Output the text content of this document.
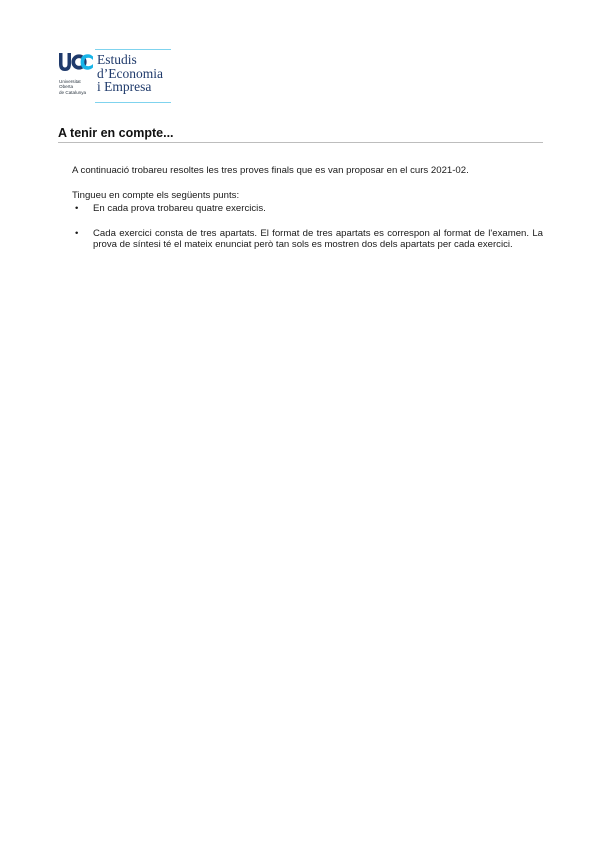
Universitat
Oberta
de Catalunya
Estudis
d’Economia
i Empresa
A tenir en compte...

A continuació trobareu resoltes les tres proves finals que es van proposar en el curs 2021-02.

Tingueu en compte els següents punts:

• En cada prova trobareu quatre exercicis.
• Cada exercici consta de tres apartats. El format de tres apartats es correspon al format de l'examen. La prova de síntesi té el mateix enunciat però tan sols es mostren dos dels apartats per cada exercici.
